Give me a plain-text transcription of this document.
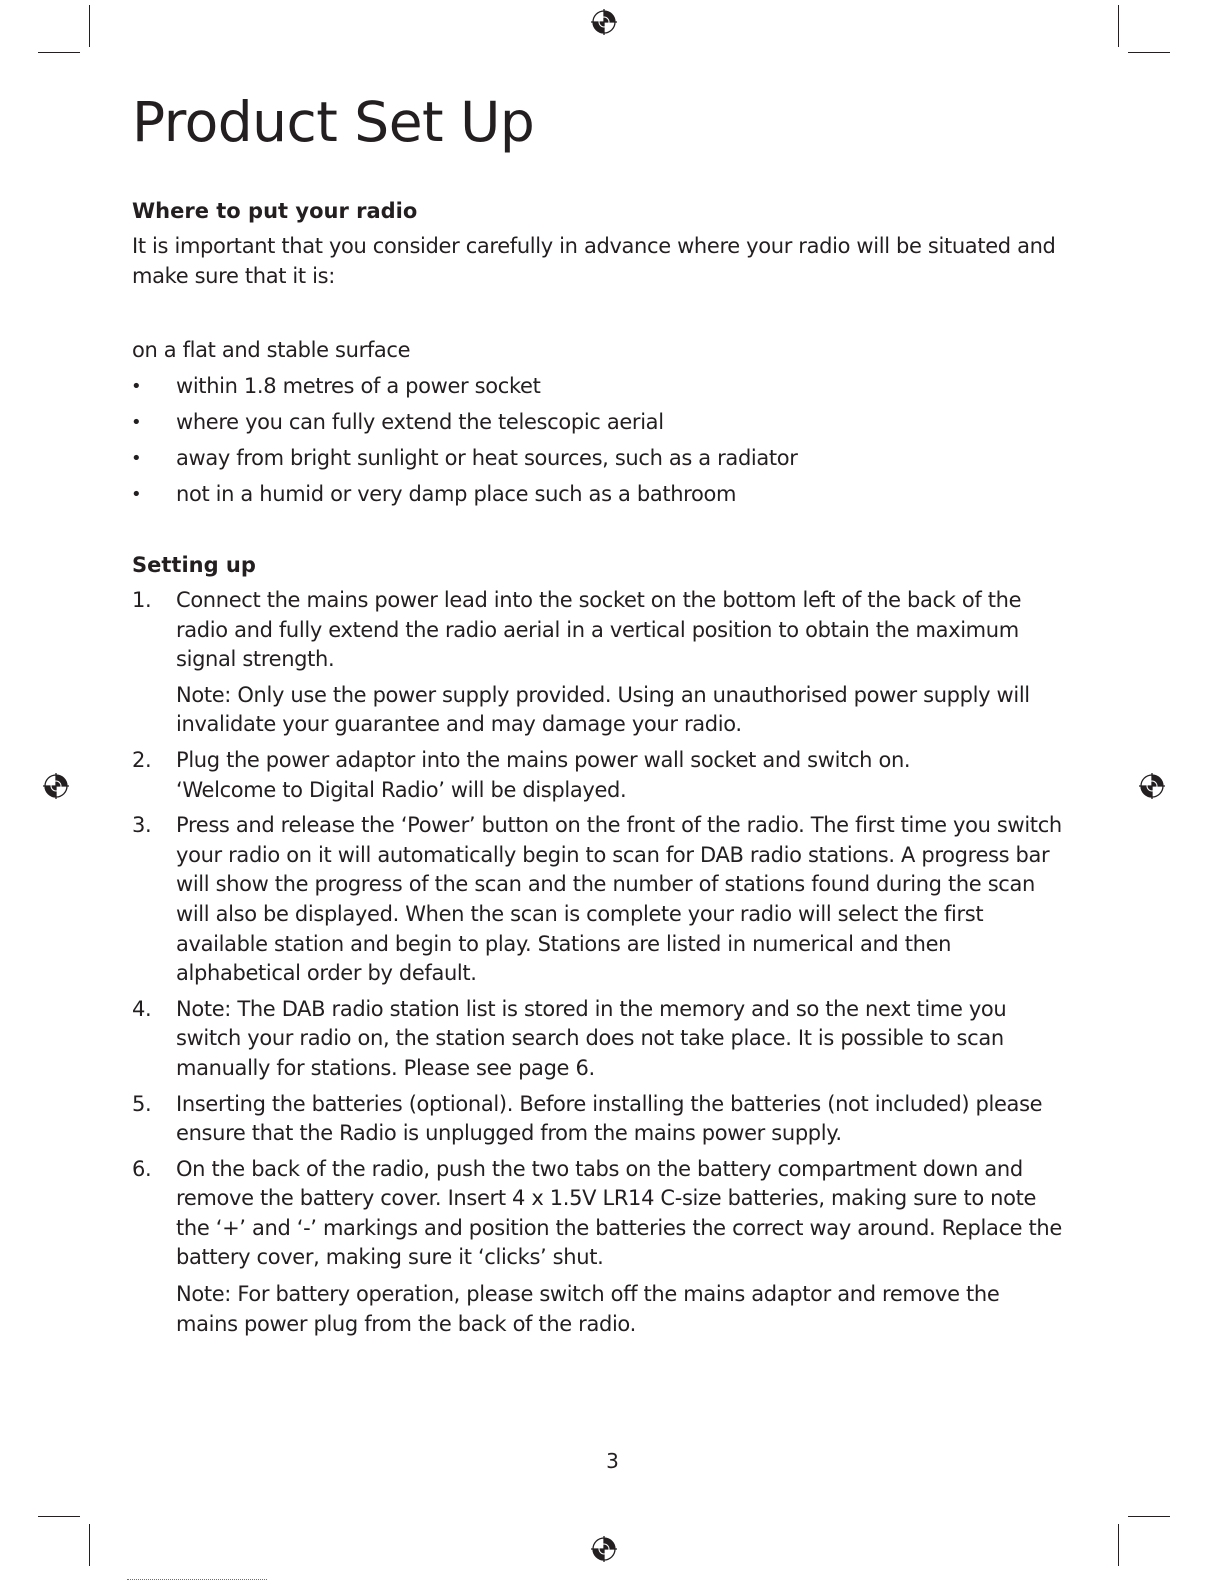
Product Set Up

Where to put your radio

It is important that you consider carefully in advance where your radio will be situated and make sure that it is:

on a flat and stable surface

• within 1.8 metres of a power socket
• where you can fully extend the telescopic aerial
• away from bright sunlight or heat sources, such as a radiator
• not in a humid or very damp place such as a bathroom

Setting up

1. Connect the mains power lead into the socket on the bottom left of the back of the radio and fully extend the radio aerial in a vertical position to obtain the maximum signal strength.

Note: Only use the power supply provided. Using an unauthorised power supply will invalidate your guarantee and may damage your radio.

2. Plug the power adaptor into the mains power wall socket and switch on. ‘Welcome to Digital Radio’ will be displayed.

3. Press and release the ‘Power’ button on the front of the radio. The first time you switch your radio on it will automatically begin to scan for DAB radio stations. A progress bar will show the progress of the scan and the number of stations found during the scan will also be displayed. When the scan is complete your radio will select the first available station and begin to play. Stations are listed in numerical and then alphabetical order by default.

4. Note: The DAB radio station list is stored in the memory and so the next time you switch your radio on, the station search does not take place. It is possible to scan manually for stations. Please see page 6.

5. Inserting the batteries (optional). Before installing the batteries (not included) please ensure that the Radio is unplugged from the mains power supply.

6. On the back of the radio, push the two tabs on the battery compartment down and remove the battery cover. Insert 4 x 1.5V LR14 C-size batteries, making sure to note the ‘+’ and ‘-’ markings and position the batteries the correct way around. Replace the battery cover, making sure it ‘clicks’ shut.

Note: For battery operation, please switch off the mains adaptor and remove the mains power plug from the back of the radio.

3
